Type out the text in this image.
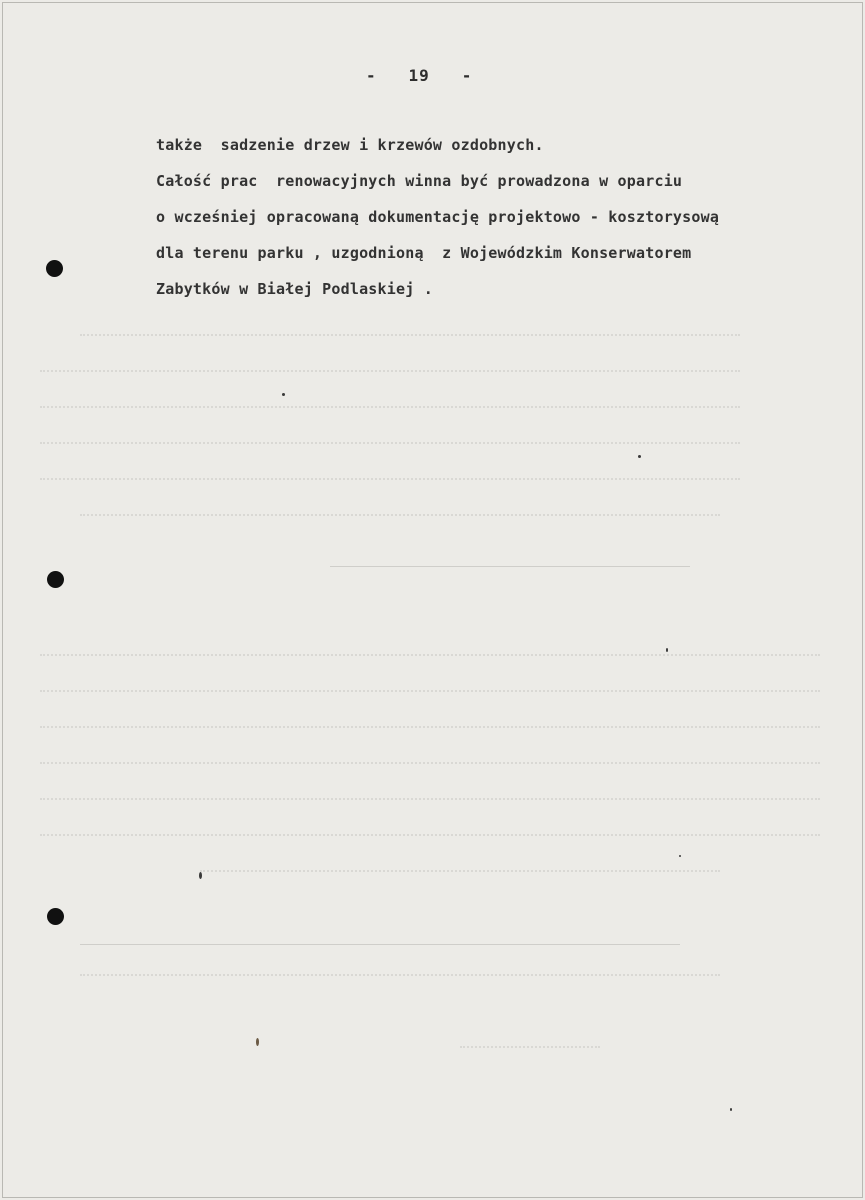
-   19   -
także  sadzenie drzew i krzewów ozdobnych.
Całość prac  renowacyjnych winna być prowadzona w oparciu
o wcześniej opracowaną dokumentację projektowo - kosztorysową
dla terenu parku , uzgodnioną  z Wojewódzkim Konserwatorem
Zabytków w Białej Podlaskiej .
